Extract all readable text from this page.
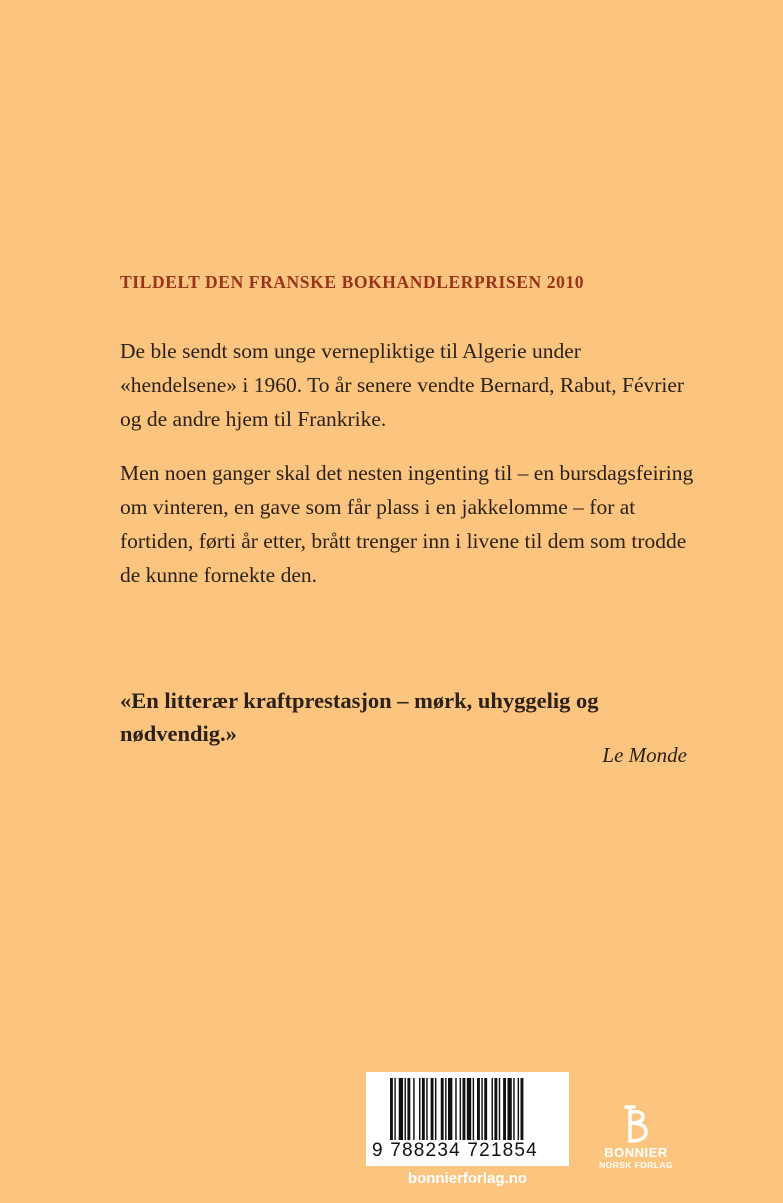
TILDELT DEN FRANSKE BOKHANDLERPRISEN 2010

De ble sendt som unge vernepliktige til Algerie under «hendelsene» i 1960. To år senere vendte Bernard, Rabut, Février og de andre hjem til Frankrike.

Men noen ganger skal det nesten ingenting til – en bursdagsfeiring om vinteren, en gave som får plass i en jakkelomme – for at fortiden, førti år etter, brått trenger inn i livene til dem som trodde de kunne fornekte den.

«En litterær kraftprestasjon – mørk, uhyggelig og nødvendig.»

Le Monde
9 788234 721854
bonnierforlag.no
BONNIER
NORSK FORLAG
